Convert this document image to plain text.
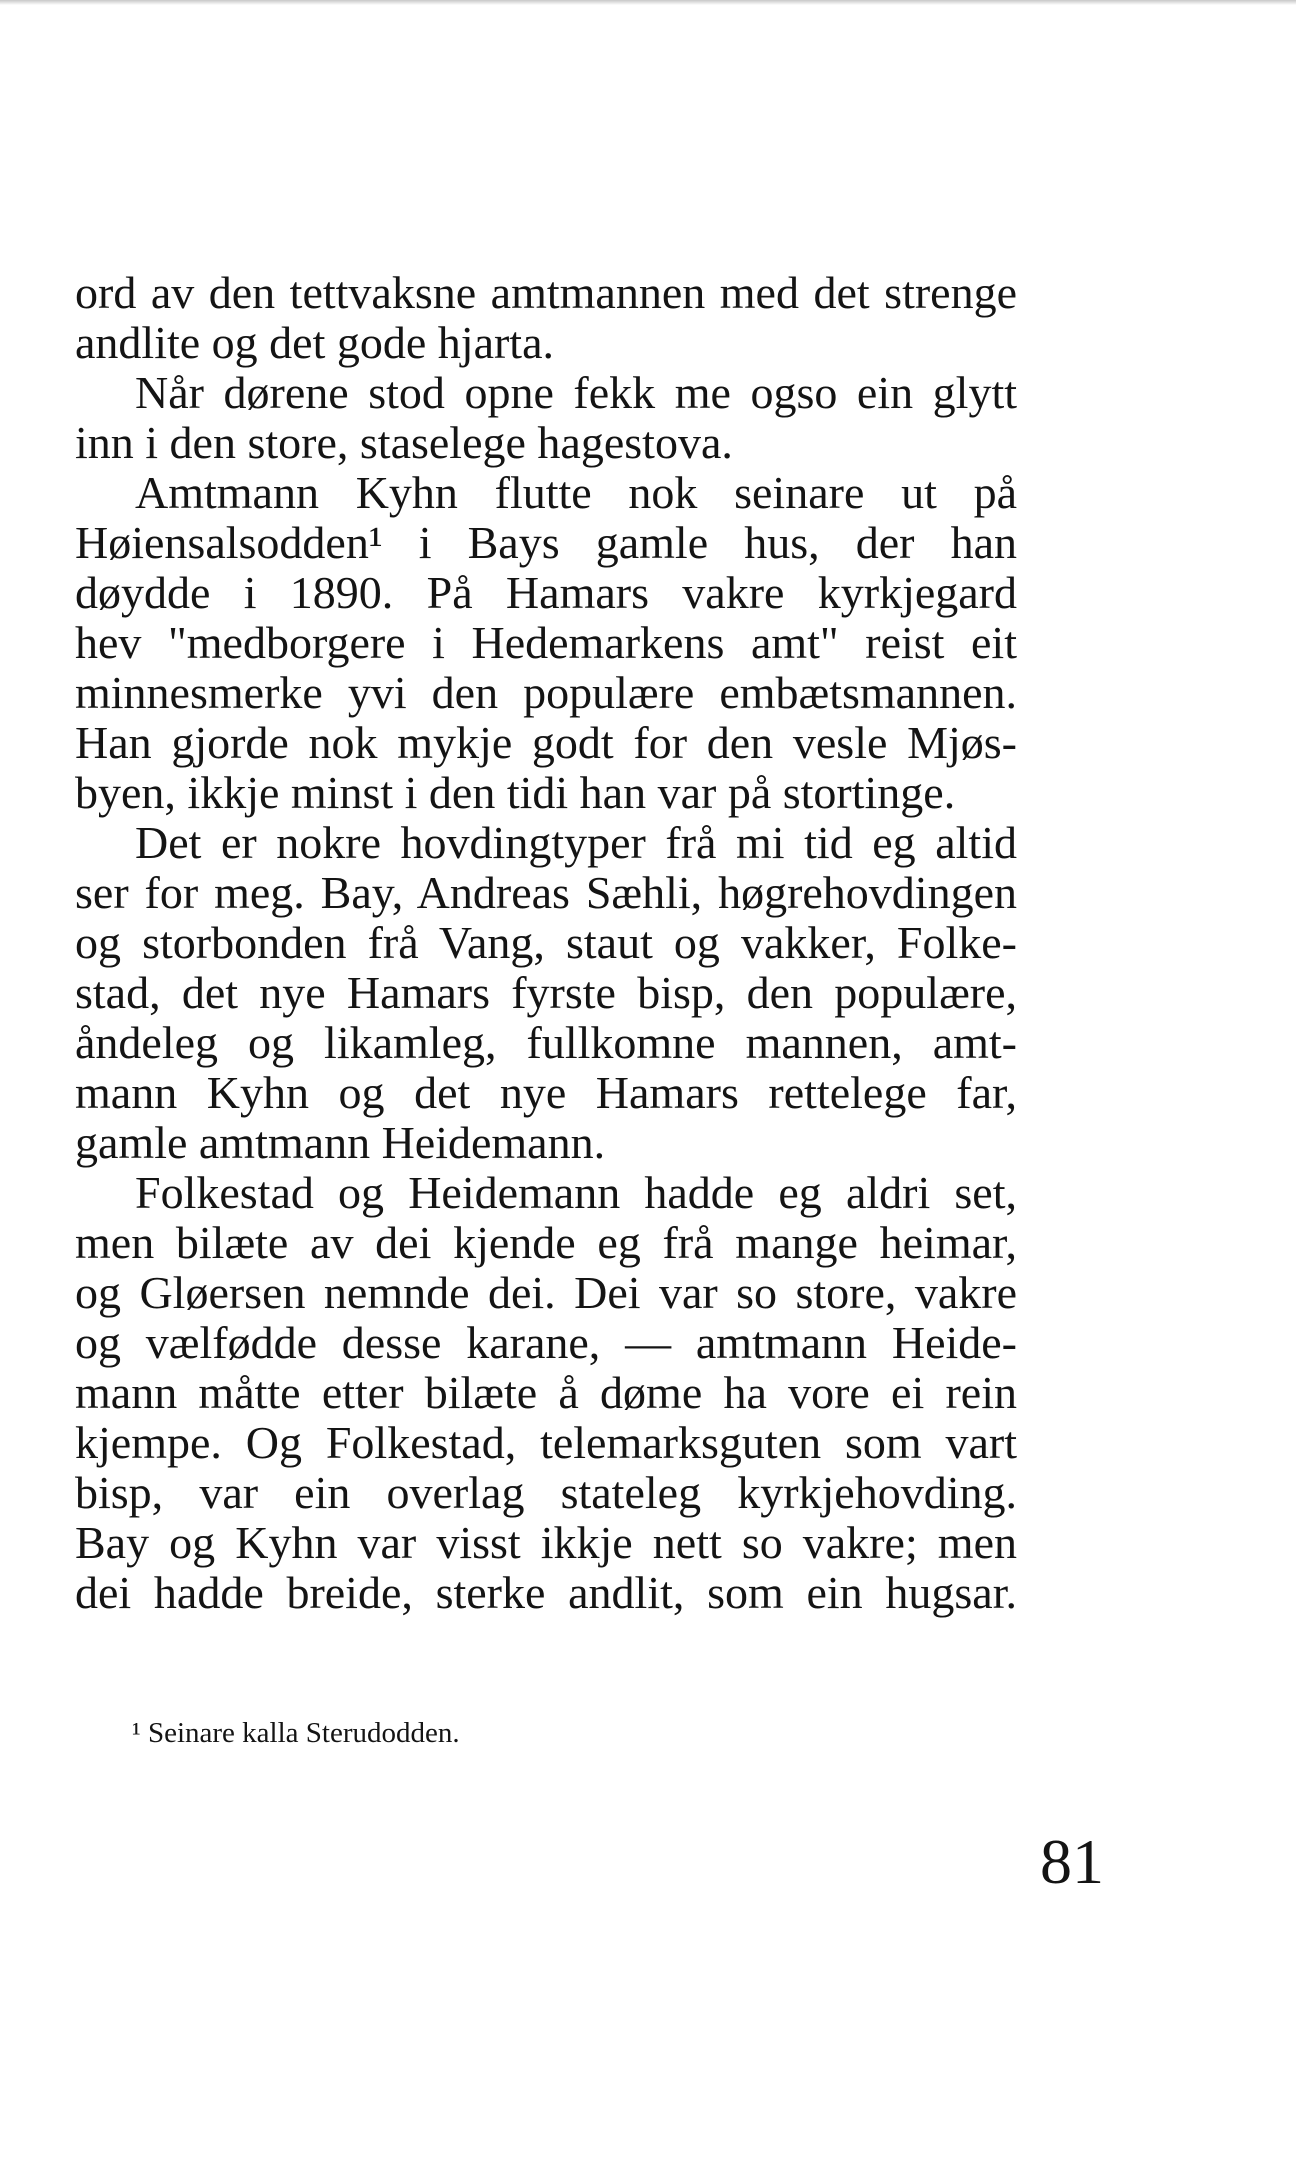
ord av den tettvaksne amtmannen med det strenge
andlite og det gode hjarta.
Når dørene stod opne fekk me ogso ein glytt
inn i den store, staselege hagestova.
Amtmann Kyhn flutte nok seinare ut på
Høiensalsodden¹ i Bays gamle hus, der han
døydde i 1890. På Hamars vakre kyrkjegard
hev "medborgere i Hedemarkens amt" reist eit
minnesmerke yvi den populære embætsmannen.
Han gjorde nok mykje godt for den vesle Mjøs-
byen, ikkje minst i den tidi han var på stortinge.
Det er nokre hovdingtyper frå mi tid eg altid
ser for meg. Bay, Andreas Sæhli, høgrehovdingen
og storbonden frå Vang, staut og vakker, Folke-
stad, det nye Hamars fyrste bisp, den populære,
åndeleg og likamleg, fullkomne mannen, amt-
mann Kyhn og det nye Hamars rettelege far,
gamle amtmann Heidemann.
Folkestad og Heidemann hadde eg aldri set,
men bilæte av dei kjende eg frå mange heimar,
og Gløersen nemnde dei. Dei var so store, vakre
og vælfødde desse karane, — amtmann Heide-
mann måtte etter bilæte å døme ha vore ei rein
kjempe. Og Folkestad, telemarksguten som vart
bisp, var ein overlag stateleg kyrkjehovding.
Bay og Kyhn var visst ikkje nett so vakre; men
dei hadde breide, sterke andlit, som ein hugsar.
¹ Seinare kalla Sterudodden.
81
